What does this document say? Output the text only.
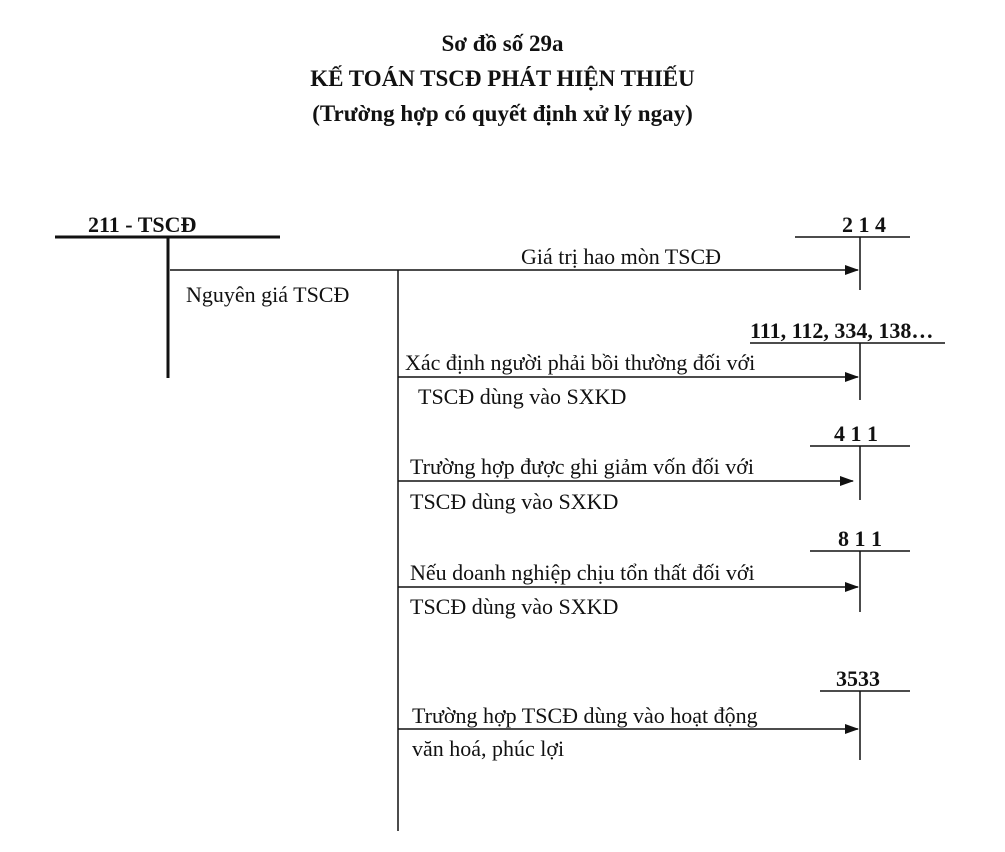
Sơ đồ số 29a
KẾ TOÁN TSCĐ PHÁT HIỆN THIẾU
(Trường hợp có quyết định xử lý ngay)
211 - TSCĐ
Nguyên giá TSCĐ
2 1 4
Giá trị hao mòn TSCĐ
111, 112, 334, 138…
Xác định người phải bồi thường đối với
TSCĐ dùng vào SXKD
4 1 1
Trường hợp được ghi giảm vốn đối với
TSCĐ dùng vào SXKD
8 1 1
Nếu doanh nghiệp chịu tổn thất đối với
TSCĐ dùng vào SXKD
3533
Trường hợp TSCĐ dùng vào hoạt động
văn hoá, phúc lợi
